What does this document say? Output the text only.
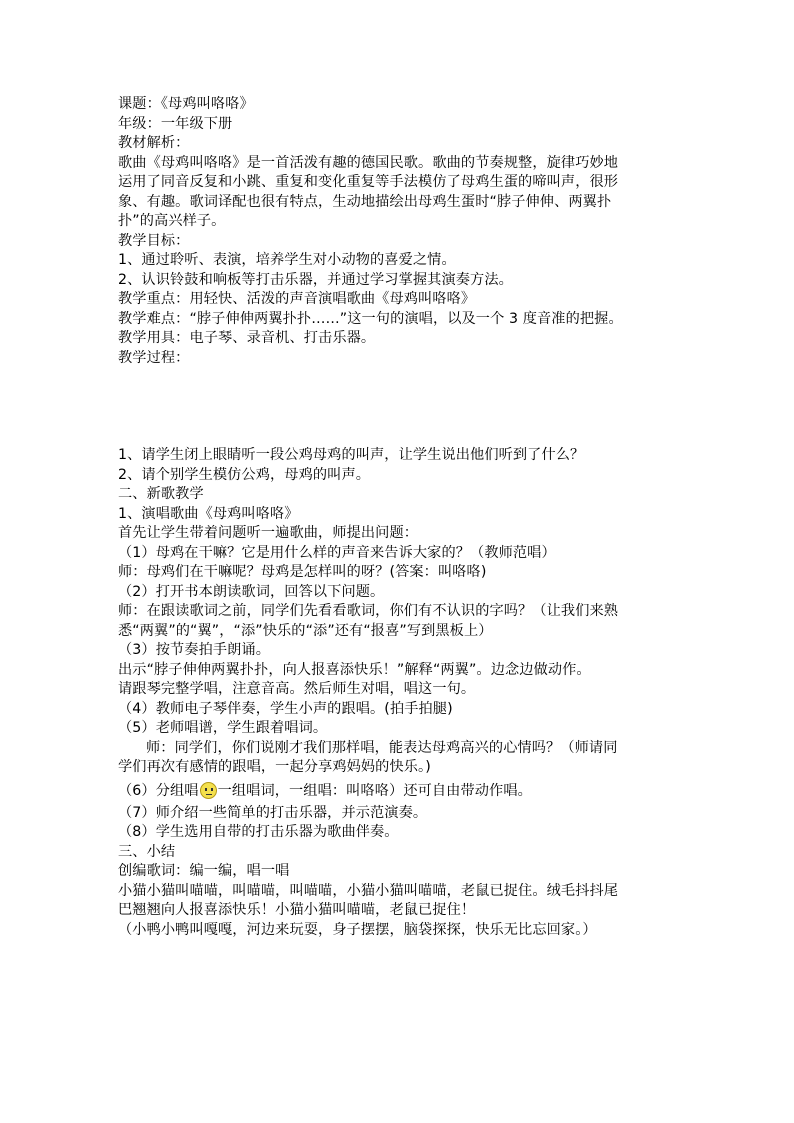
课题：《母鸡叫咯咯》
年级：一年级下册
教材解析：
歌曲《母鸡叫咯咯》是一首活泼有趣的德国民歌。歌曲的节奏规整，旋律巧妙地
运用了同音反复和小跳、重复和变化重复等手法模仿了母鸡生蛋的啼叫声，很形
象、有趣。歌词译配也很有特点，生动地描绘出母鸡生蛋时“脖子伸伸、两翼扑
扑”的高兴样子。
教学目标：
1、通过聆听、表演，培养学生对小动物的喜爱之情。
2、认识铃鼓和响板等打击乐器，并通过学习掌握其演奏方法。
教学重点：用轻快、活泼的声音演唱歌曲《母鸡叫咯咯》
教学难点：“脖子伸伸两翼扑扑……”这一句的演唱，以及一个 3 度音准的把握。
教学用具：电子琴、录音机、打击乐器。
教学过程：
1、请学生闭上眼睛听一段公鸡母鸡的叫声，让学生说出他们听到了什么？
2、请个别学生模仿公鸡，母鸡的叫声。
二、新歌教学
1、演唱歌曲《母鸡叫咯咯》
首先让学生带着问题听一遍歌曲，师提出问题：
（1）母鸡在干嘛？它是用什么样的声音来告诉大家的？（教师范唱）
师：母鸡们在干嘛呢？母鸡是怎样叫的呀？(答案：叫咯咯)
（2）打开书本朗读歌词，回答以下问题。
师：在跟读歌词之前，同学们先看看歌词，你们有不认识的字吗？（让我们来熟
悉“两翼”的“翼”，“添”快乐的“添”还有“报喜”写到黑板上）
（3）按节奏拍手朗诵。
出示“脖子伸伸两翼扑扑，向人报喜添快乐！”解释“两翼”。边念边做动作。
请跟琴完整学唱，注意音高。然后师生对唱，唱这一句。
（4）教师电子琴伴奏，学生小声的跟唱。(拍手拍腿)
（5）老师唱谱，学生跟着唱词。
师：同学们，你们说刚才我们那样唱，能表达母鸡高兴的心情吗？（师请同
学们再次有感情的跟唱，一起分享鸡妈妈的快乐。)
（6）分组唱 一组唱词，一组唱：叫咯咯）还可自由带动作唱。
（7）师介绍一些简单的打击乐器，并示范演奏。
（8）学生选用自带的打击乐器为歌曲伴奏。
三、小结
创编歌词：编一编，唱一唱
小猫小猫叫喵喵，叫喵喵，叫喵喵，小猫小猫叫喵喵，老鼠已捉住。绒毛抖抖尾
巴翘翘向人报喜添快乐！小猫小猫叫喵喵，老鼠已捉住！
（小鸭小鸭叫嘎嘎，河边来玩耍，身子摆摆，脑袋探探，快乐无比忘回家。）
